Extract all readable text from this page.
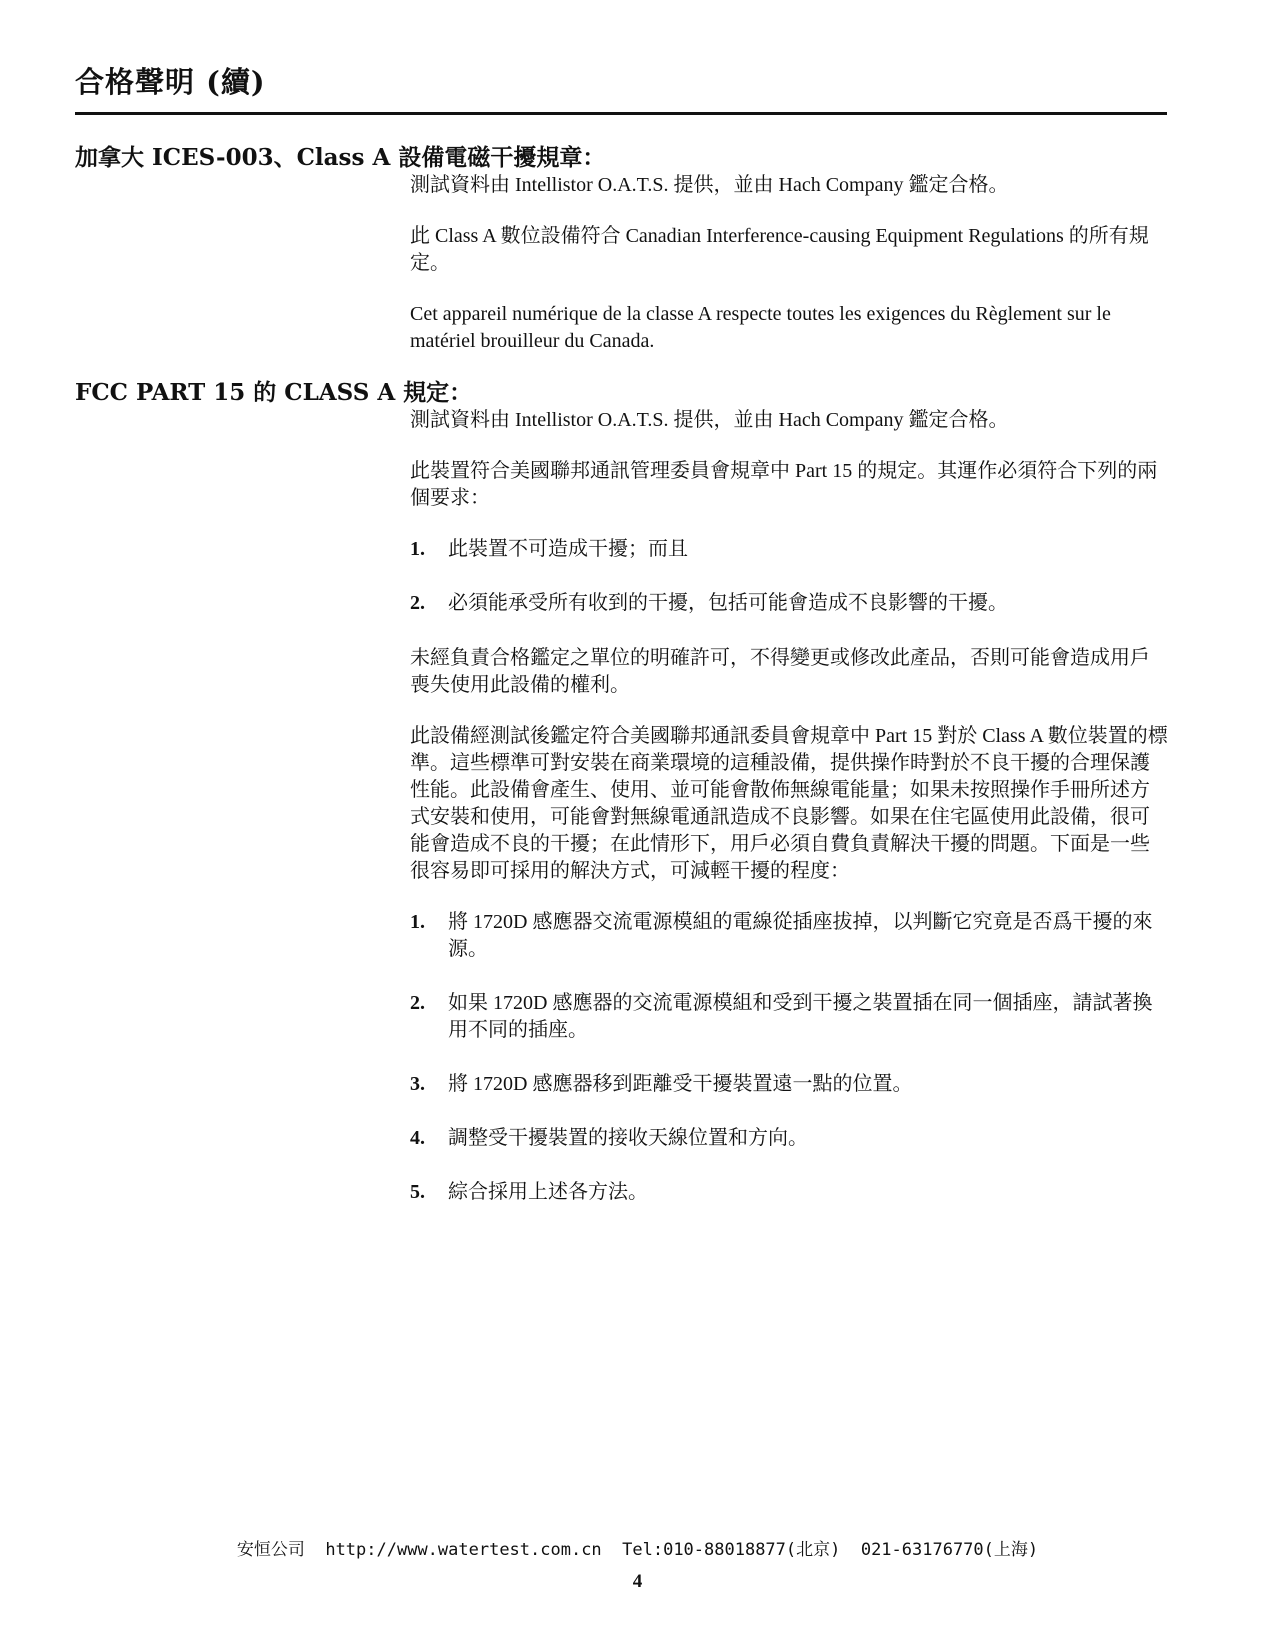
合格聲明 (續)
加拿大 ICES-003、Class A 設備電磁干擾規章：

測試資料由 Intellistor O.A.T.S. 提供，並由 Hach Company 鑑定合格。

此 Class A 數位設備符合 Canadian Interference-causing Equipment Regulations 的所有規定。

Cet appareil numérique de la classe A respecte toutes les exigences du Règlement sur le matériel brouilleur du Canada.

FCC PART 15 的 CLASS A 規定：

測試資料由 Intellistor O.A.T.S. 提供，並由 Hach Company 鑑定合格。

此裝置符合美國聯邦通訊管理委員會規章中 Part 15 的規定。其運作必須符合下列的兩個要求：

1.	此裝置不可造成干擾；而且
2.	必須能承受所有收到的干擾，包括可能會造成不良影響的干擾。

未經負責合格鑑定之單位的明確許可，不得變更或修改此產品，否則可能會造成用戶喪失使用此設備的權利。

此設備經測試後鑑定符合美國聯邦通訊委員會規章中 Part 15 對於 Class A 數位裝置的標準。這些標準可對安裝在商業環境的這種設備，提供操作時對於不良干擾的合理保護性能。此設備會產生、使用、並可能會散佈無線電能量；如果未按照操作手冊所述方式安裝和使用，可能會對無線電通訊造成不良影響。如果在住宅區使用此設備，很可能會造成不良的干擾；在此情形下，用戶必須自費負責解決干擾的問題。下面是一些很容易即可採用的解決方式，可減輕干擾的程度：

1.	將 1720D 感應器交流電源模組的電線從插座拔掉，以判斷它究竟是否爲干擾的來源。
2.	如果 1720D 感應器的交流電源模組和受到干擾之裝置插在同一個插座，請試著換用不同的插座。
3.	將 1720D 感應器移到距離受干擾裝置遠一點的位置。
4.	調整受干擾裝置的接收天線位置和方向。
5.	綜合採用上述各方法。
安恒公司  http://www.watertest.com.cn  Tel:010-88018877(北京)  021-63176770(上海)
4
